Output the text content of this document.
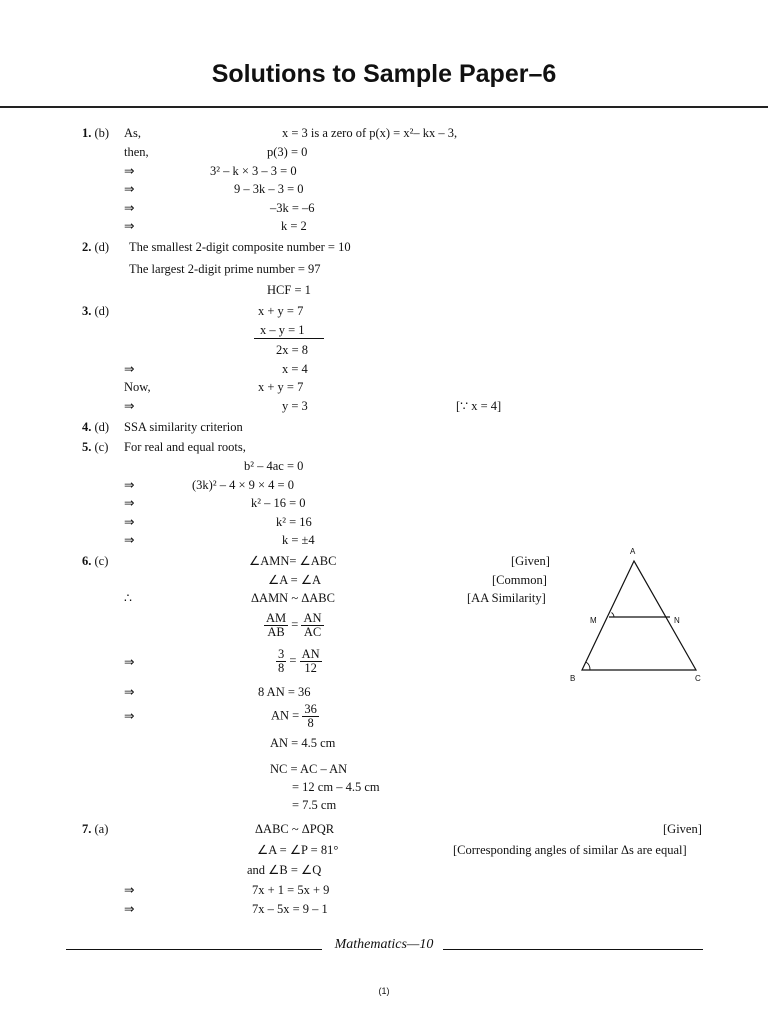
Solutions to Sample Paper–6
1. (b) As,	x = 3 is a zero of p(x) = x²– kx – 3,
then,	p(3) = 0
⇒	3² – k × 3 – 3 = 0
⇒	9 – 3k – 3 = 0
⇒	–3k = –6
⇒	k = 2
2. (d) The smallest 2-digit composite number = 10
The largest 2-digit prime number = 97
HCF = 1
3. (d)	x + y = 7
x – y = 1
2x = 8
⇒	x = 4
Now,	x + y = 7
⇒	y = 3	[∵ x = 4]
4. (d) SSA similarity criterion
5. (c) For real and equal roots,
b² – 4ac = 0
⇒	(3k)² – 4 × 9 × 4 = 0
⇒	k² – 16 = 0
⇒	k² = 16
⇒	k = ±4
6. (c)	∠AMN= ∠ABC	[Given]
∠A = ∠A	[Common]
∴	ΔAMN ~ ΔABC	[AA Similarity]
$\frac{AM}{AB} = \frac{AN}{AC}$
⇒	$\frac{3}{8} = \frac{AN}{12}$
⇒	8 AN = 36
⇒	AN = $\frac{36}{8}$
AN = 4.5 cm
NC = AC – AN
= 12 cm – 4.5 cm
= 7.5 cm
A
M	N
B	C
7. (a)	ΔABC ~ ΔPQR	[Given]
∠A = ∠P = 81°	[Corresponding angles of similar Δs are equal]
and ∠B = ∠Q
⇒	7x + 1 = 5x + 9
⇒	7x – 5x = 9 – 1
Mathematics—10
(1)
